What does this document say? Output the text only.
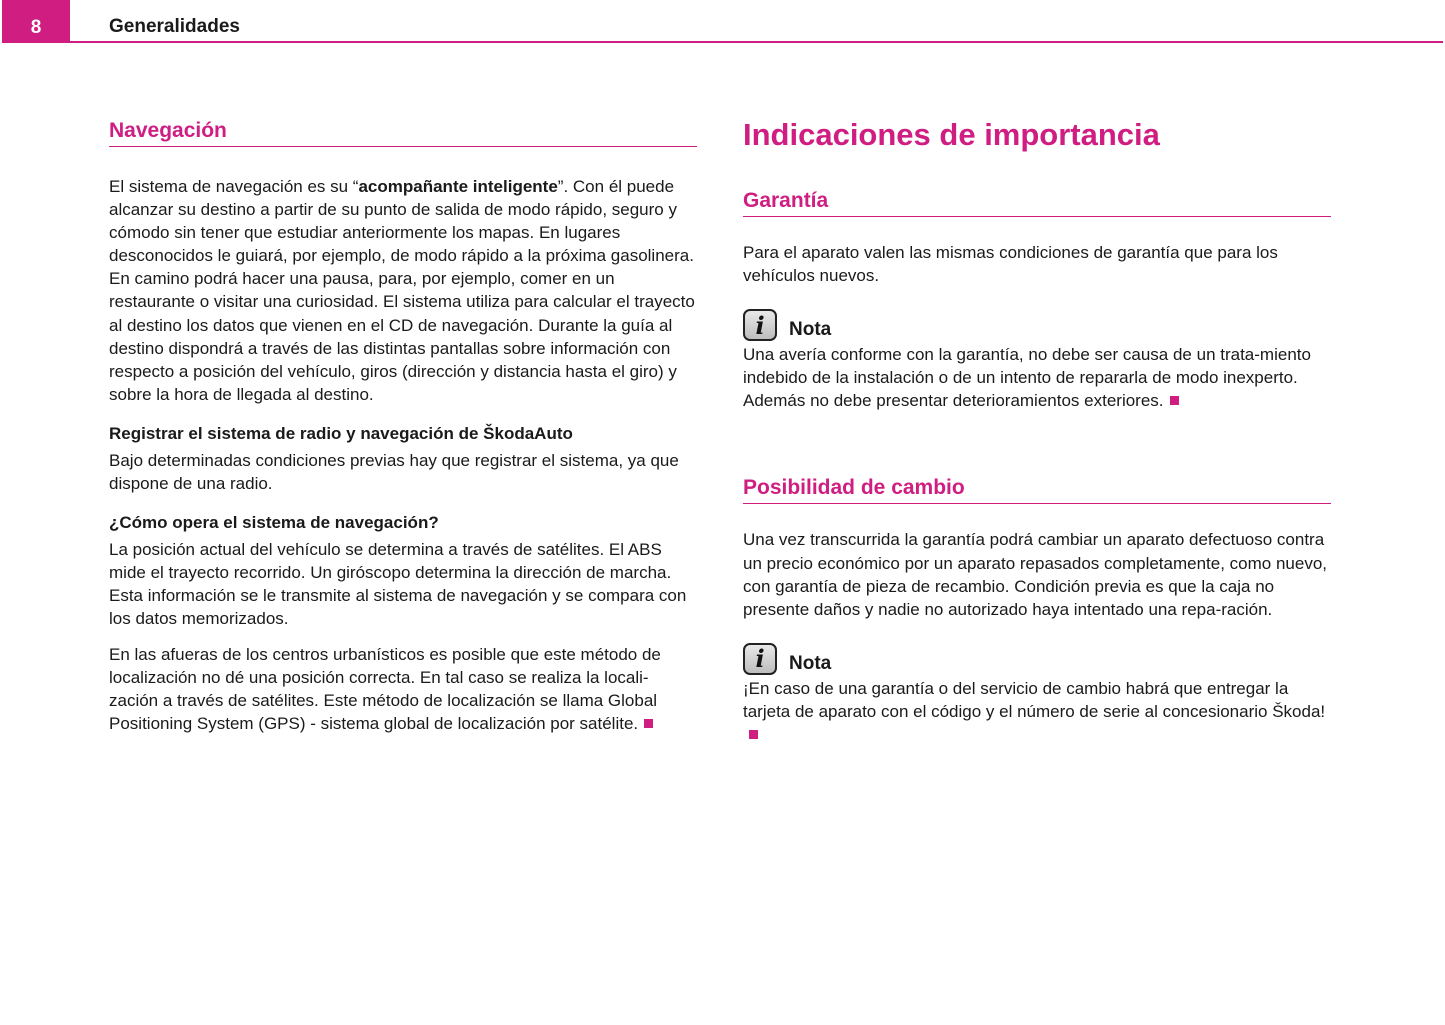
8	Generalidades
Navegación

El sistema de navegación es su “acompañante inteligente”. Con él puede alcanzar su destino a partir de su punto de salida de modo rápido, seguro y cómodo sin tener que estudiar anteriormente los mapas. En lugares desconocidos le guiará, por ejemplo, de modo rápido a la próxima gasolinera. En camino podrá hacer una pausa, para, por ejemplo, comer en un restaurante o visitar una curiosidad. El sistema utiliza para calcular el trayecto al destino los datos que vienen en el CD de navegación. Durante la guía al destino dispondrá a través de las distintas pantallas sobre información con respecto a posición del vehículo, giros (dirección y distancia hasta el giro) y sobre la hora de llegada al destino.

Registrar el sistema de radio y navegación de ŠkodaAuto

Bajo determinadas condiciones previas hay que registrar el sistema, ya que dispone de una radio.

¿Cómo opera el sistema de navegación?

La posición actual del vehículo se determina a través de satélites. El ABS mide el trayecto recorrido. Un giróscopo determina la dirección de marcha. Esta información se le transmite al sistema de navegación y se compara con los datos memorizados.

En las afueras de los centros urbanísticos es posible que este método de localización no dé una posición correcta. En tal caso se realiza la locali-zación a través de satélites. Este método de localización se llama Global Positioning System (GPS) - sistema global de localización por satélite.

Indicaciones de importancia
Garantía

Para el aparato valen las mismas condiciones de garantía que para los vehículos nuevos.

i	Nota

Una avería conforme con la garantía, no debe ser causa de un trata-miento indebido de la instalación o de un intento de repararla de modo inexperto. Además no debe presentar deterioramientos exteriores.

Posibilidad de cambio

Una vez transcurrida la garantía podrá cambiar un aparato defectuoso contra un precio económico por un aparato repasados completamente, como nuevo, con garantía de pieza de recambio. Condición previa es que la caja no presente daños y nadie no autorizado haya intentado una repa-ración.

i	Nota

¡En caso de una garantía o del servicio de cambio habrá que entregar la tarjeta de aparato con el código y el número de serie al concesionario Škoda!
